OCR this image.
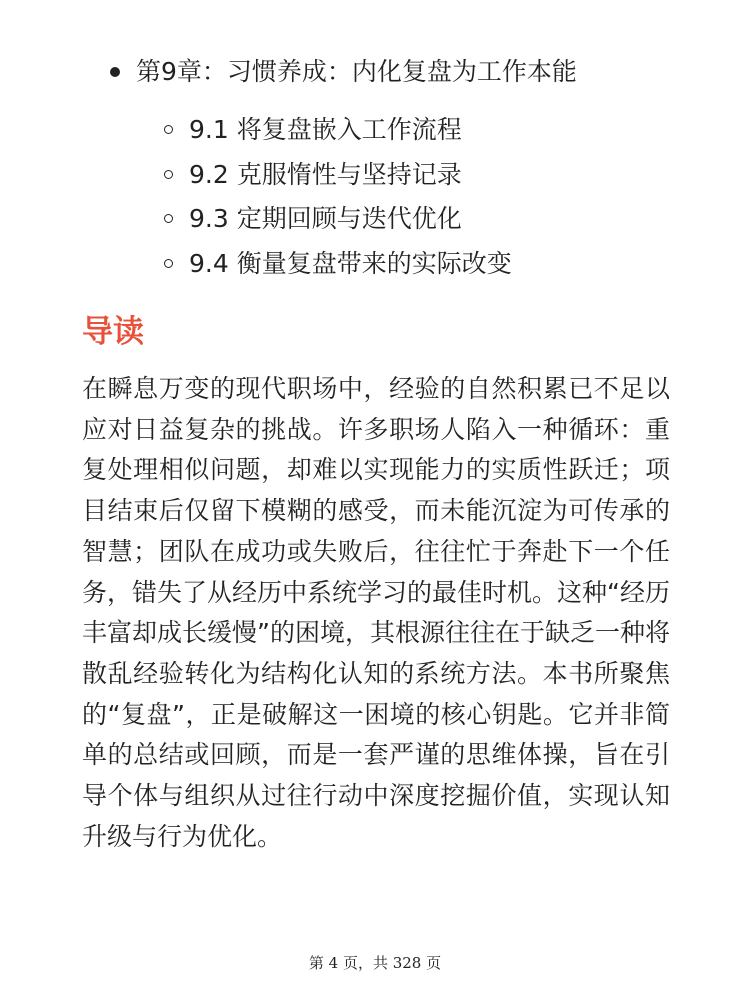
第9章：习惯养成：内化复盘为工作本能
9.1 将复盘嵌入工作流程
9.2 克服惰性与坚持记录
9.3 定期回顾与迭代优化
9.4 衡量复盘带来的实际改变
导读

在瞬息万变的现代职场中，经验的自然积累已不足以应对日益复杂的挑战。许多职场人陷入一种循环：重复处理相似问题，却难以实现能力的实质性跃迁；项目结束后仅留下模糊的感受，而未能沉淀为可传承的智慧；团队在成功或失败后，往往忙于奔赴下一个任务，错失了从经历中系统学习的最佳时机。这种“经历丰富却成长缓慢”的困境，其根源往往在于缺乏一种将散乱经验转化为结构化认知的系统方法。本书所聚焦的“复盘”，正是破解这一困境的核心钥匙。它并非简单的总结或回顾，而是一套严谨的思维体操，旨在引导个体与组织从过往行动中深度挖掘价值，实现认知升级与行为优化。

第 4 页，共 328 页
